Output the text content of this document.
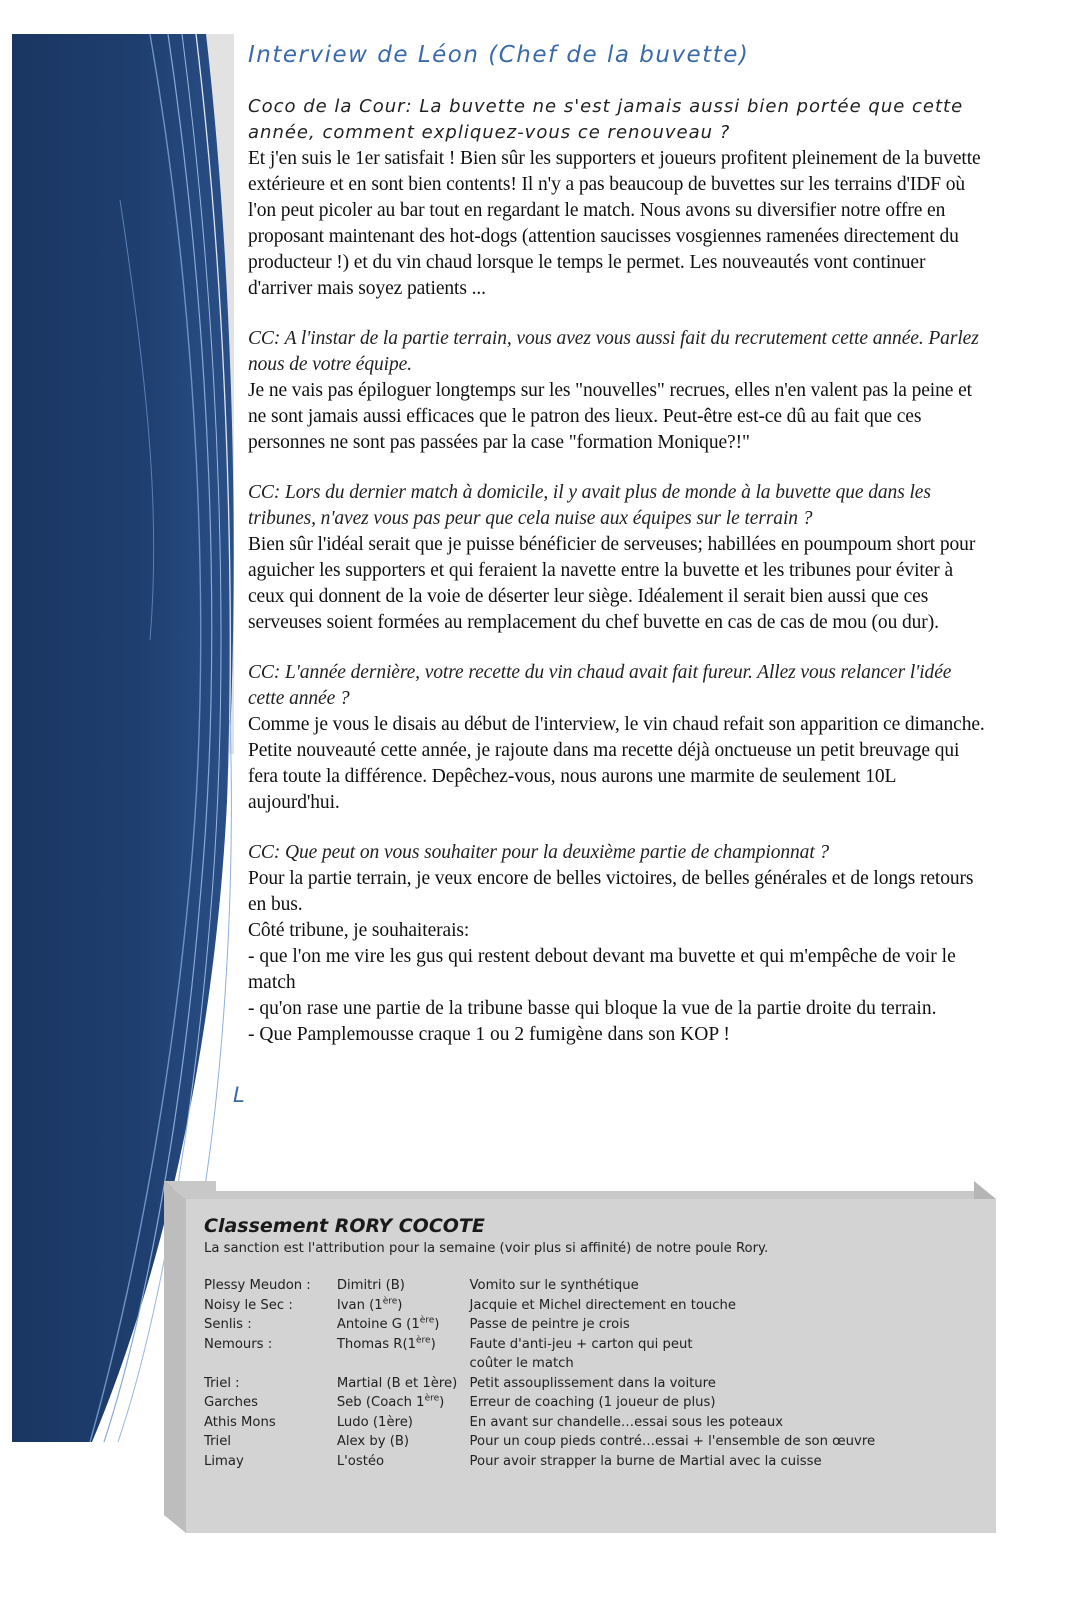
Interview de Léon (Chef de la buvette)

Coco de la Cour: La buvette ne s'est jamais aussi bien portée que cette année, comment expliquez-vous ce renouveau ?

Et j'en suis le 1er satisfait ! Bien sûr les supporters et joueurs profitent pleinement de la buvette extérieure et en sont bien contents! Il n'y a pas beaucoup de buvettes sur les terrains d'IDF où l'on peut picoler au bar tout en regardant le match. Nous avons su diversifier notre offre en proposant maintenant des hot-dogs (attention saucisses vosgiennes ramenées directement du producteur !) et du vin chaud lorsque le temps le permet. Les nouveautés vont continuer d'arriver mais soyez patients ...

CC: A l'instar de la partie terrain, vous avez vous aussi fait du recrutement cette année. Parlez nous de votre équipe.

Je ne vais pas épiloguer longtemps sur les "nouvelles" recrues, elles n'en valent pas la peine et ne sont jamais aussi efficaces que le patron des lieux. Peut-être est-ce dû au fait que ces personnes ne sont pas passées par la case "formation Monique?!"

CC: Lors du dernier match à domicile, il y avait plus de monde à la buvette que dans les tribunes, n'avez vous pas peur que cela nuise aux équipes sur le terrain ?

Bien sûr l'idéal serait que je puisse bénéficier de serveuses; habillées en poumpoum short pour aguicher les supporters et qui feraient la navette entre la buvette et les tribunes pour éviter à ceux qui donnent de la voie de déserter leur siège. Idéalement il serait bien aussi que ces serveuses soient formées au remplacement du chef buvette en cas de cas de mou (ou dur).

CC: L'année dernière, votre recette du vin chaud avait fait fureur. Allez vous relancer l'idée cette année ?

Comme je vous le disais au début de l'interview, le vin chaud refait son apparition ce dimanche. Petite nouveauté cette année, je rajoute dans ma recette déjà onctueuse un petit breuvage qui fera toute la différence. Depêchez-vous, nous aurons une marmite de seulement 10L aujourd'hui.

CC: Que peut on vous souhaiter pour la deuxième partie de championnat ?

Pour la partie terrain, je veux encore de belles victoires, de belles générales et de longs retours en bus.

Côté tribune, je souhaiterais:

- que l'on me vire les gus qui restent debout devant ma buvette et qui m'empêche de voir le match

- qu'on rase une partie de la tribune basse qui bloque la vue de la partie droite du terrain.

- Que Pamplemousse craque 1 ou 2 fumigène dans son KOP !

L

Classement RORY COCOTE

La sanction est l'attribution pour la semaine (voir plus si affinité) de notre poule Rory.

Plessy Meudon :	Dimitri (B)	Vomito sur le synthétique
Noisy le Sec :	Ivan (1ère)	Jacquie et Michel directement en touche
Senlis :	Antoine G (1ère)	Passe de peintre je crois
Nemours :	Thomas R(1ère)	Faute d'anti-jeu + carton qui peut
		coûter le match
Triel :	Martial (B et 1ère)	Petit assouplissement dans la voiture
Garches	Seb (Coach 1ère)	Erreur de coaching (1 joueur de plus)
Athis Mons	Ludo (1ère)	En avant sur chandelle…essai sous les poteaux
Triel	Alex by (B)	Pour un coup pieds contré…essai + l'ensemble de son œuvre
Limay	L'ostéo	Pour avoir strapper la burne de Martial avec la cuisse
